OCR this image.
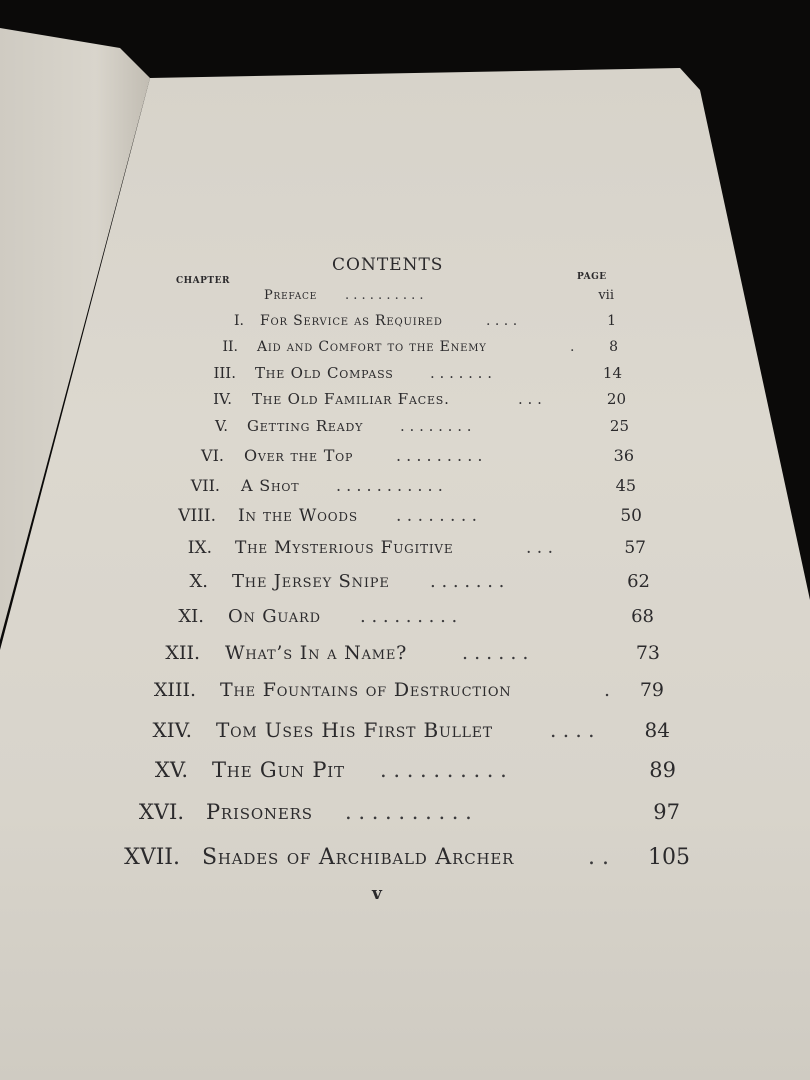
CONTENTS
CHAPTER	PAGE
Preface . . . . . . . . . .	vii
I. For Service as Required	. . . .	1
II. Aid and Comfort to the Enemy	.	8
III. The Old Compass . . . . . . .	14
IV. The Old Familiar Faces.	. . .	20
V. Getting Ready . . . . . . . .	25
VI. Over the Top	. . . . . . . . .	36
VII. A Shot . . . . . . . . . . .	45
VIII. In the Woods . . . . . . . .	50
IX. The Mysterious Fugitive	. . .	57
X. The Jersey Snipe . . . . . . .	62
XI. On Guard . . . . . . . . .	68
XII. What’s In a Name?	. . . . . .	73
XIII. The Fountains of Destruction	.	79
XIV. Tom Uses His First Bullet	. . . .	84
XV. The Gun Pit . . . . . . . . . .	89
XVI. Prisoners . . . . . . . . . .	97
XVII. Shades of Archibald Archer	. .	105
v
